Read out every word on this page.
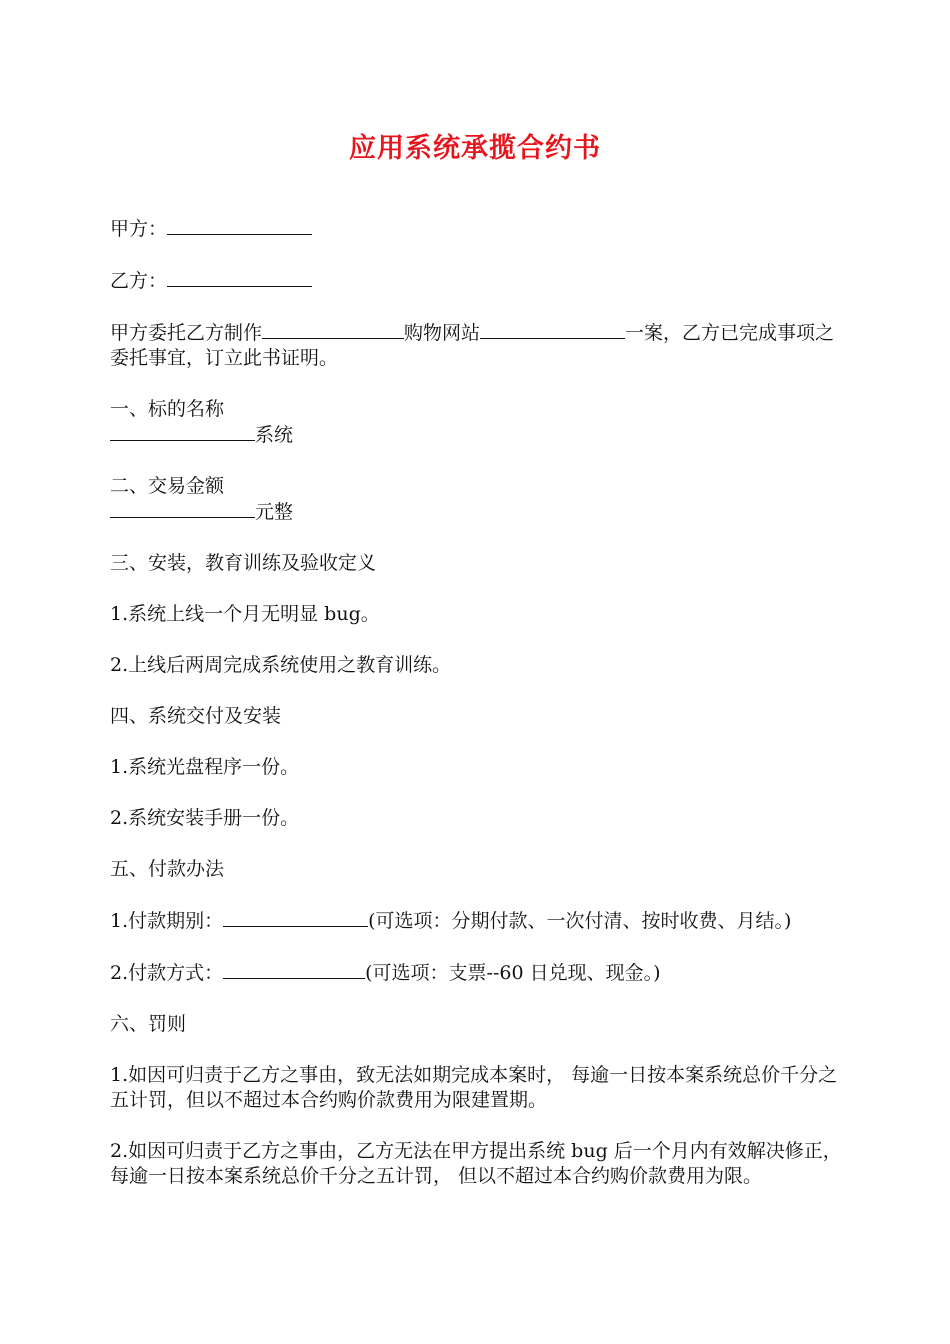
应用系统承揽合约书

甲方：

乙方：

甲方委托乙方制作	购物网站	一案，乙方已完成事项之委托事宜，订立此书证明。

一、标的名称

系统

二、交易金额

元整

三、安装，教育训练及验收定义

1.系统上线一个月无明显 bug。

2.上线后两周完成系统使用之教育训练。

四、系统交付及安装

1.系统光盘程序一份。

2.系统安装手册一份。

五、付款办法

1.付款期别：	(可选项：分期付款、一次付清、按时收费、月结。)

2.付款方式：	(可选项：支票--60 日兑现、现金。)

六、罚则

1.如因可归责于乙方之事由，致无法如期完成本案时， 每逾一日按本案系统总价千分之五计罚，但以不超过本合约购价款费用为限建置期。

2.如因可归责于乙方之事由，乙方无法在甲方提出系统 bug 后一个月内有效解决修正，每逾一日按本案系统总价千分之五计罚， 但以不超过本合约购价款费用为限。
